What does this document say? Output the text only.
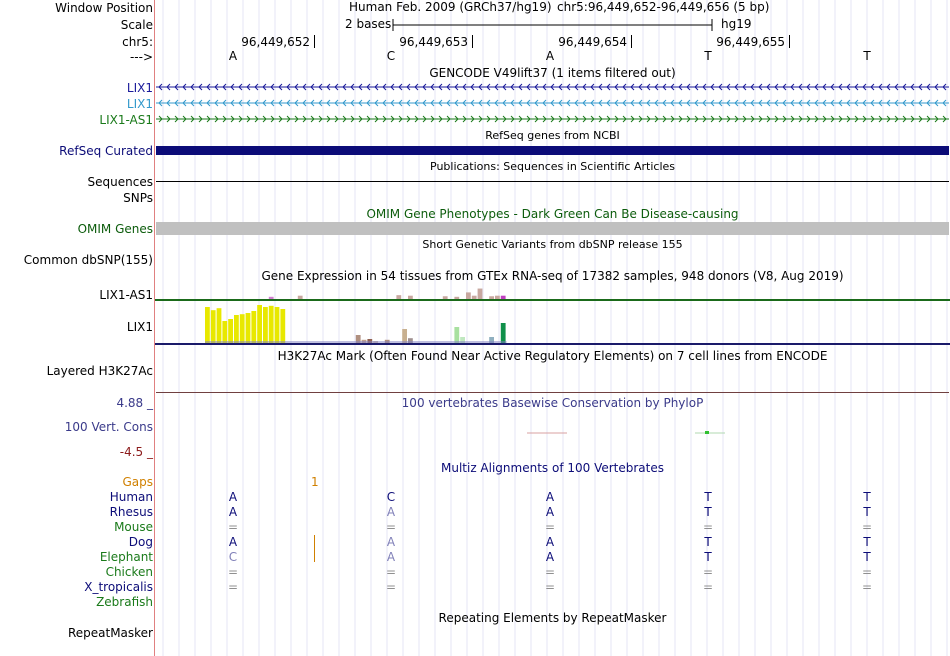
Window Position
Scale
chr5:
--->
Human Feb. 2009 (GRCh37/hg19) chr5:96,449,652-96,449,656 (5 bp)
2 bases	hg19
96,449,652	96,449,653	96,449,654	96,449,655
A	C	A	T	T
GENCODE V49lift37 (1 items filtered out)
LIX1
LIX1
LIX1-AS1
RefSeq genes from NCBI
RefSeq Curated
Publications: Sequences in Scientific Articles
Sequences
SNPs
OMIM Gene Phenotypes - Dark Green Can Be Disease-causing
OMIM Genes
Short Genetic Variants from dbSNP release 155
Common dbSNP(155)
Gene Expression in 54 tissues from GTEx RNA-seq of 17382 samples, 948 donors (V8, Aug 2019)
LIX1-AS1
LIX1
H3K27Ac Mark (Often Found Near Active Regulatory Elements) on 7 cell lines from ENCODE
Layered H3K27Ac
100 vertebrates Basewise Conservation by PhyloP
4.88 _
100 Vert. Cons
-4.5 _
Multiz Alignments of 100 Vertebrates
Gaps	1
Human	A	C	A	T	T
Rhesus	A	A	A	T	T
Mouse	=	=	=	=	=
Dog	A	A	A	T	T
Elephant	C	A	A	T	T
Chicken	=	=	=	=	=
X_tropicalis	=	=	=	=	=
Zebrafish
Repeating Elements by RepeatMasker
RepeatMasker
